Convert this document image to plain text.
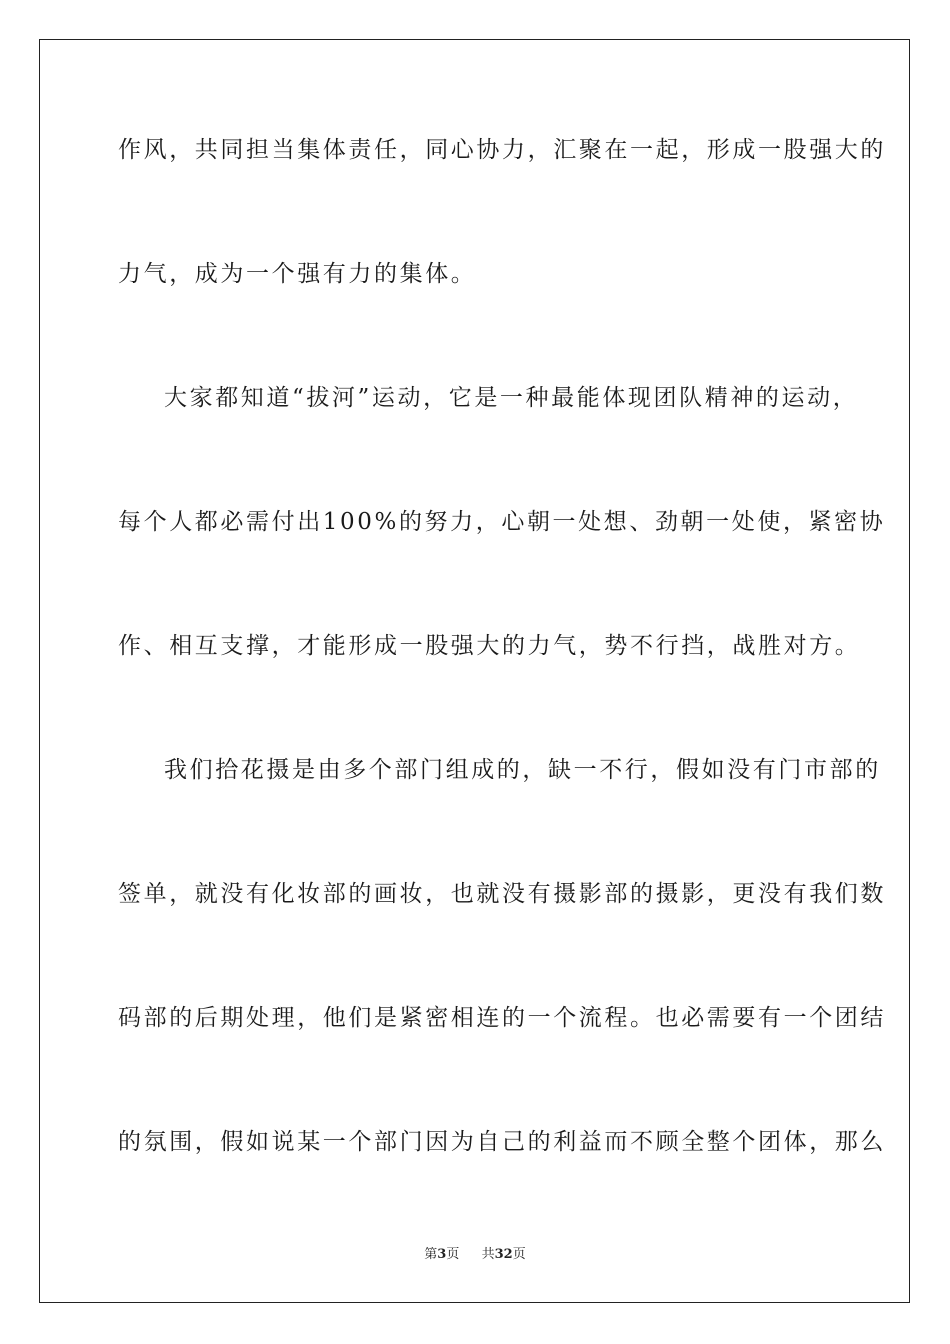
作风，共同担当集体责任，同心协力，汇聚在一起，形成一股强大的
力气，成为一个强有力的集体。
大家都知道“拔河”运动，它是一种最能体现团队精神的运动，
每个人都必需付出100%的努力，心朝一处想、劲朝一处使，紧密协
作、相互支撑，才能形成一股强大的力气，势不行挡，战胜对方。
我们拾花摄是由多个部门组成的，缺一不行，假如没有门市部的
签单，就没有化妆部的画妆，也就没有摄影部的摄影，更没有我们数
码部的后期处理，他们是紧密相连的一个流程。也必需要有一个团结
的氛围，假如说某一个部门因为自己的利益而不顾全整个团体，那么
第3页 共32页
